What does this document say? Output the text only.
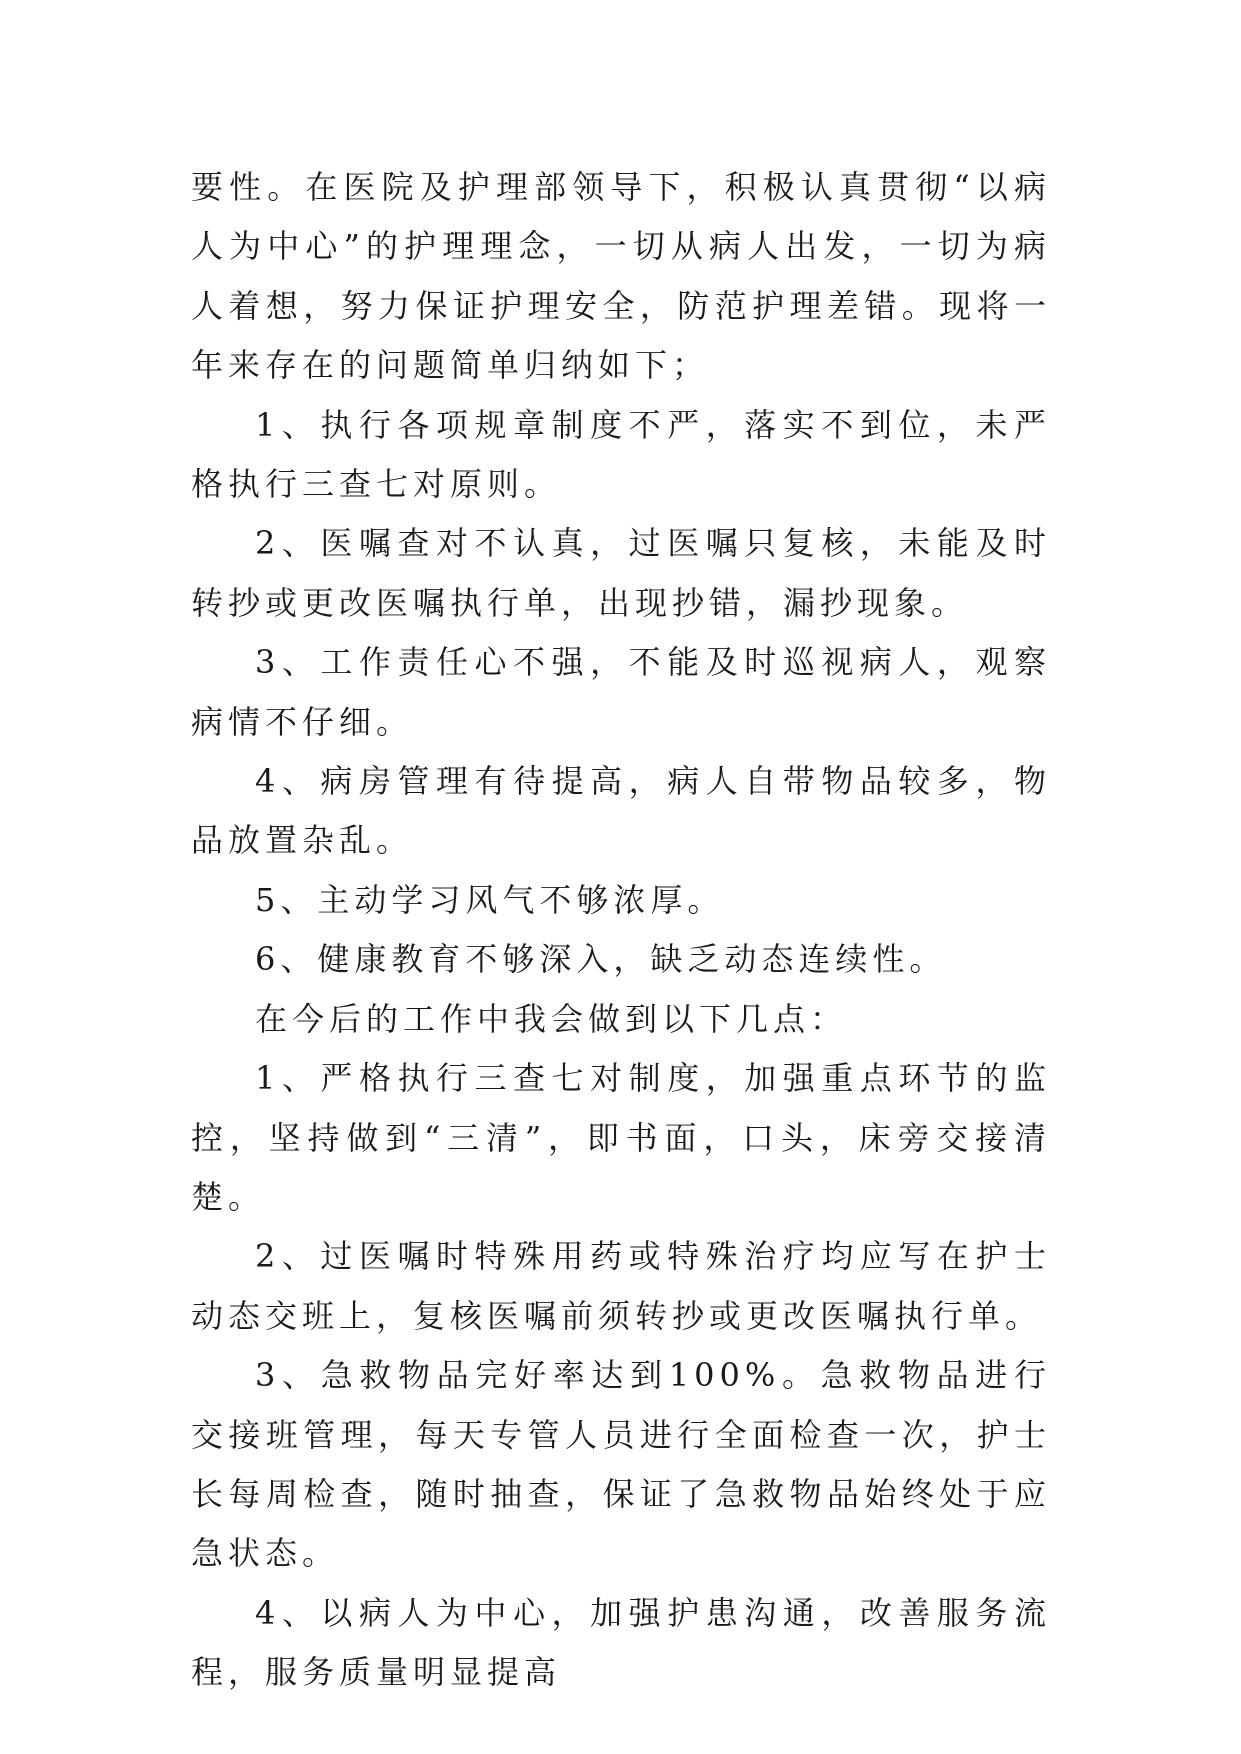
要性。在医院及护理部领导下，积极认真贯彻“以病人为中心”的护理理念，一切从病人出发，一切为病人着想，努力保证护理安全，防范护理差错。现将一年来存在的问题简单归纳如下；

1、执行各项规章制度不严，落实不到位，未严格执行三查七对原则。

2、医嘱查对不认真，过医嘱只复核，未能及时转抄或更改医嘱执行单，出现抄错，漏抄现象。

3、工作责任心不强，不能及时巡视病人，观察病情不仔细。

4、病房管理有待提高，病人自带物品较多，物品放置杂乱。

5、主动学习风气不够浓厚。

6、健康教育不够深入，缺乏动态连续性。

在今后的工作中我会做到以下几点：

1、严格执行三查七对制度，加强重点环节的监控，坚持做到“三清”，即书面，口头，床旁交接清楚。

2、过医嘱时特殊用药或特殊治疗均应写在护士动态交班上，复核医嘱前须转抄或更改医嘱执行单。

3、急救物品完好率达到100%。急救物品进行交接班管理，每天专管人员进行全面检查一次，护士长每周检查，随时抽查，保证了急救物品始终处于应急状态。

4、以病人为中心，加强护患沟通，改善服务流程，服务质量明显提高
